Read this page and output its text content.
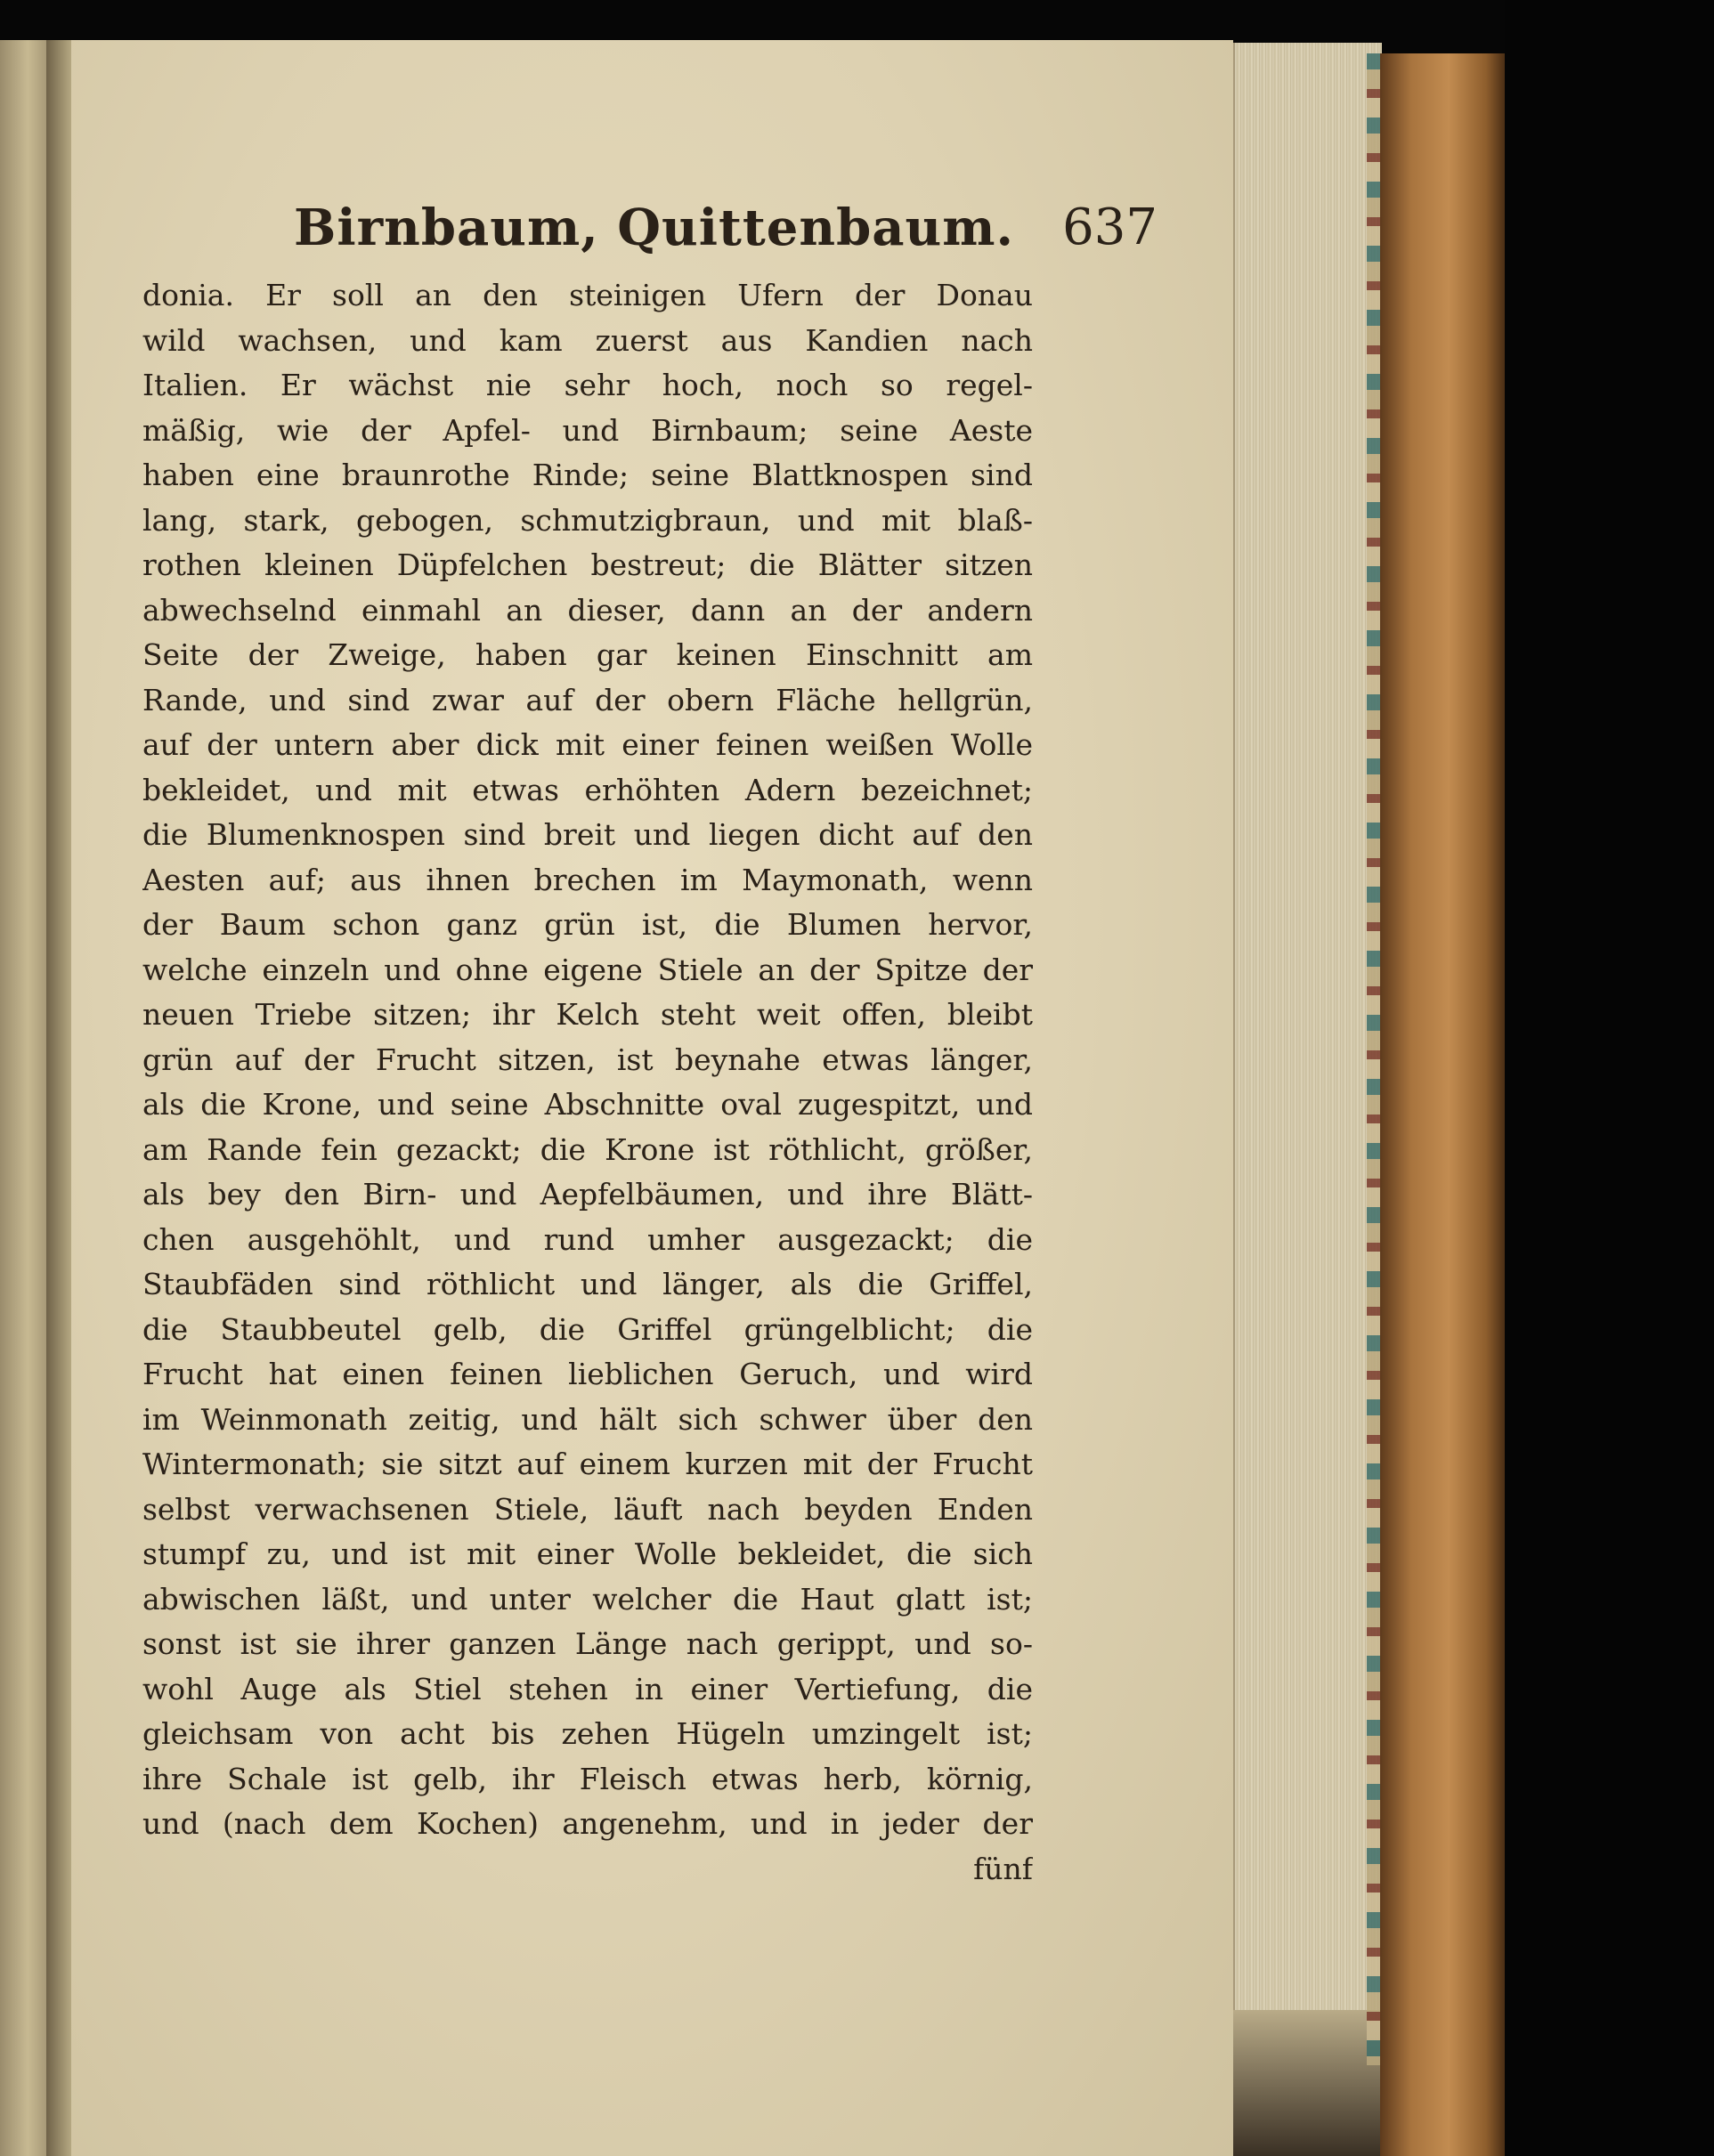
Birnbaum, Quittenbaum. 637
donia. Er soll an den steinigen Ufern der Donau
wild wachsen, und kam zuerst aus Kandien nach
Italien. Er wächst nie sehr hoch, noch so regel-
mäßig, wie der Apfel- und Birnbaum; seine Aeste
haben eine braunrothe Rinde; seine Blattknospen sind
lang, stark, gebogen, schmutzigbraun, und mit blaß-
rothen kleinen Düpfelchen bestreut; die Blätter sitzen
abwechselnd einmahl an dieser, dann an der andern
Seite der Zweige, haben gar keinen Einschnitt am
Rande, und sind zwar auf der obern Fläche hellgrün,
auf der untern aber dick mit einer feinen weißen Wolle
bekleidet, und mit etwas erhöhten Adern bezeichnet;
die Blumenknospen sind breit und liegen dicht auf den
Aesten auf; aus ihnen brechen im Maymonath, wenn
der Baum schon ganz grün ist, die Blumen hervor,
welche einzeln und ohne eigene Stiele an der Spitze der
neuen Triebe sitzen; ihr Kelch steht weit offen, bleibt
grün auf der Frucht sitzen, ist beynahe etwas länger,
als die Krone, und seine Abschnitte oval zugespitzt, und
am Rande fein gezackt; die Krone ist röthlicht, größer,
als bey den Birn- und Aepfelbäumen, und ihre Blätt-
chen ausgehöhlt, und rund umher ausgezackt; die
Staubfäden sind röthlicht und länger, als die Griffel,
die Staubbeutel gelb, die Griffel grüngelblicht; die
Frucht hat einen feinen lieblichen Geruch, und wird
im Weinmonath zeitig, und hält sich schwer über den
Wintermonath; sie sitzt auf einem kurzen mit der Frucht
selbst verwachsenen Stiele, läuft nach beyden Enden
stumpf zu, und ist mit einer Wolle bekleidet, die sich
abwischen läßt, und unter welcher die Haut glatt ist;
sonst ist sie ihrer ganzen Länge nach gerippt, und so-
wohl Auge als Stiel stehen in einer Vertiefung, die
gleichsam von acht bis zehen Hügeln umzingelt ist;
ihre Schale ist gelb, ihr Fleisch etwas herb, körnig,
und (nach dem Kochen) angenehm, und in jeder der
fünf
